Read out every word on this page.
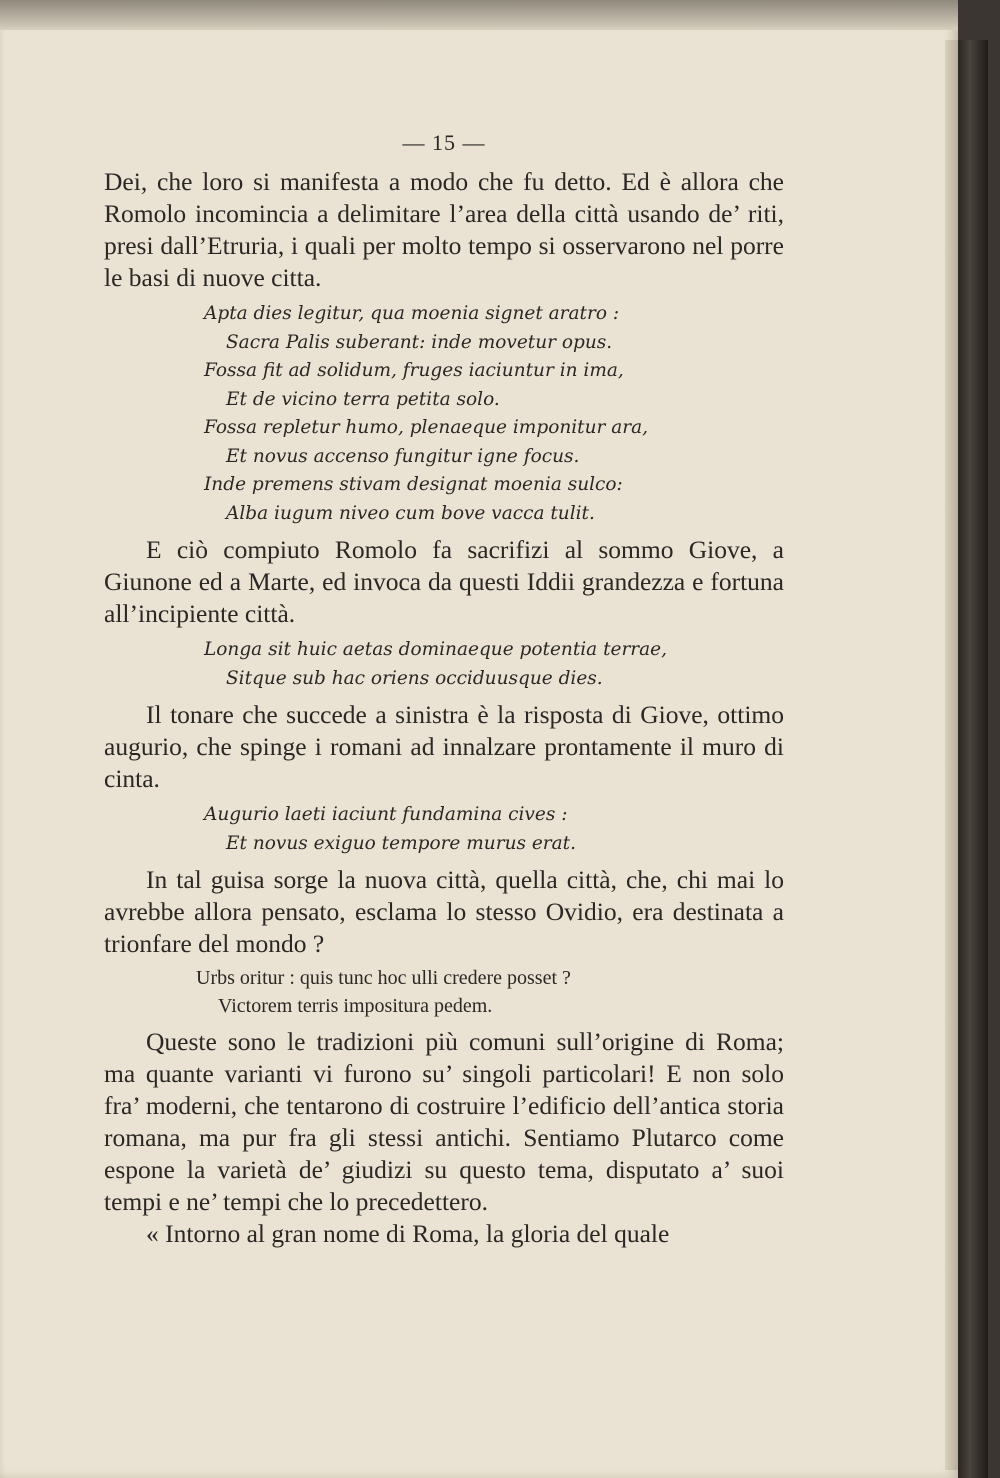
— 15 —

Dei, che loro si manifesta a modo che fu detto. Ed è allora che Romolo incomincia a delimitare l’area della città usando de’ riti, presi dall’Etruria, i quali per molto tempo si osservarono nel porre le basi di nuove citta.

Apta dies legitur, qua moenia signet aratro :
Sacra Palis suberant: inde movetur opus.
Fossa fit ad solidum, fruges iaciuntur in ima,
Et de vicino terra petita solo.
Fossa repletur humo, plenaeque imponitur ara,
Et novus accenso fungitur igne focus.
Inde premens stivam designat moenia sulco:
Alba iugum niveo cum bove vacca tulit.

E ciò compiuto Romolo fa sacrifizi al sommo Giove, a Giunone ed a Marte, ed invoca da questi Iddii grandezza e fortuna all’incipiente città.

Longa sit huic aetas dominaeque potentia terrae,
Sitque sub hac oriens occiduusque dies.

Il tonare che succede a sinistra è la risposta di Giove, ottimo augurio, che spinge i romani ad innalzare prontamente il muro di cinta.

Augurio laeti iaciunt fundamina cives :
Et novus exiguo tempore murus erat.

In tal guisa sorge la nuova città, quella città, che, chi mai lo avrebbe allora pensato, esclama lo stesso Ovidio, era destinata a trionfare del mondo ?

Urbs oritur : quis tunc hoc ulli credere posset ?
Victorem terris impositura pedem.

Queste sono le tradizioni più comuni sull’origine di Roma; ma quante varianti vi furono su’ singoli particolari! E non solo fra’ moderni, che tentarono di costruire l’edificio dell’antica storia romana, ma pur fra gli stessi antichi. Sentiamo Plutarco come espone la varietà de’ giudizi su questo tema, disputato a’ suoi tempi e ne’ tempi che lo precedettero.

« Intorno al gran nome di Roma, la gloria del quale
